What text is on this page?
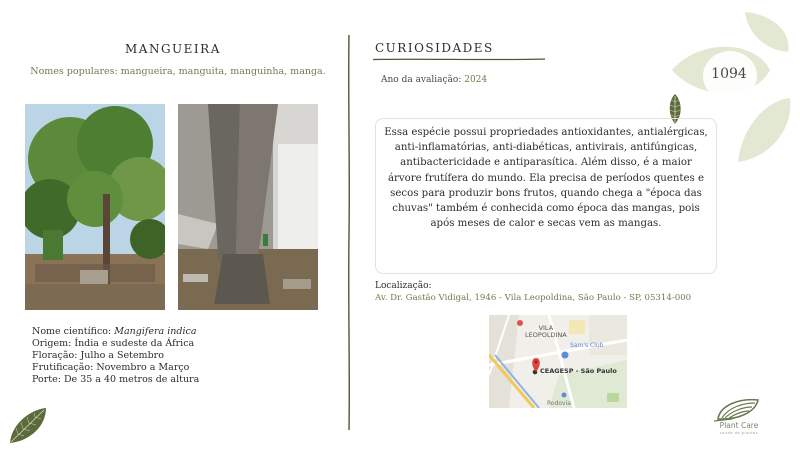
1094
MANGUEIRA
Nomes populares: mangueira, manguita, manguinha, manga.
Nome científico: Mangifera indica
Origem: Índia e sudeste da África
Floração: Julho a Setembro
Frutificação: Novembro a Março
Porte: De 35 a 40 metros de altura
CURIOSIDADES
Ano da avaliação: 2024
Essa espécie possui propriedades antioxidantes, antialérgicas, anti-inflamatórias, anti-diabéticas, antivirais, antifúngicas, antibactericidade e antiparasítica. Além disso, é a maior árvore frutífera do mundo. Ela precisa de períodos quentes e secos para produzir bons frutos, quando chega a "época das chuvas" também é conhecida como época das mangas, pois após meses de calor e secas vem as mangas.
Localização:
Av. Dr. Gastão Vidigal, 1946 - Vila Leopoldina, São Paulo - SP, 05314-000
VILA
LEOPOLDINA
Sam's Club
CEAGESP - São Paulo
Rodovia
Plant Care
saúde de plantas
